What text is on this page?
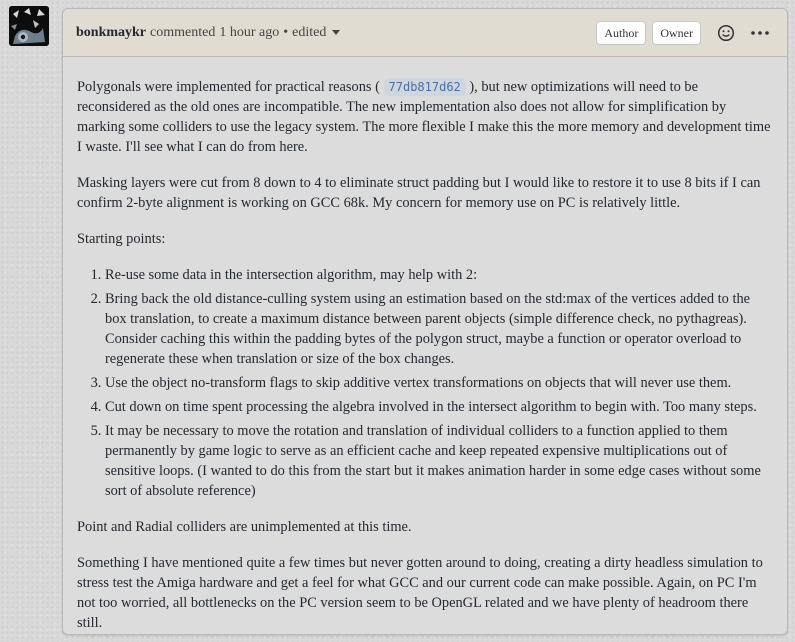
bonkmaykr commented 1 hour ago • edited	Author	Owner

Polygonals were implemented for practical reasons ( 77db817d62 ), but new optimizations will need to be reconsidered as the old ones are incompatible. The new implementation also does not allow for simplification by marking some colliders to use the legacy system. The more flexible I make this the more memory and development time I waste. I'll see what I can do from here.

Masking layers were cut from 8 down to 4 to eliminate struct padding but I would like to restore it to use 8 bits if I can confirm 2-byte alignment is working on GCC 68k. My concern for memory use on PC is relatively little.

Starting points:

1. Re-use some data in the intersection algorithm, may help with 2:
2. Bring back the old distance-culling system using an estimation based on the std:max of the vertices added to the box translation, to create a maximum distance between parent objects (simple difference check, no pythagreas). Consider caching this within the padding bytes of the polygon struct, maybe a function or operator overload to regenerate these when translation or size of the box changes.
3. Use the object no-transform flags to skip additive vertex transformations on objects that will never use them.
4. Cut down on time spent processing the algebra involved in the intersect algorithm to begin with. Too many steps.
5. It may be necessary to move the rotation and translation of individual colliders to a function applied to them permanently by game logic to serve as an efficient cache and keep repeated expensive multiplications out of sensitive loops. (I wanted to do this from the start but it makes animation harder in some edge cases without some sort of absolute reference)

Point and Radial colliders are unimplemented at this time.

Something I have mentioned quite a few times but never gotten around to doing, creating a dirty headless simulation to stress test the Amiga hardware and get a feel for what GCC and our current code can make possible. Again, on PC I'm not too worried, all bottlenecks on the PC version seem to be OpenGL related and we have plenty of headroom there still.
